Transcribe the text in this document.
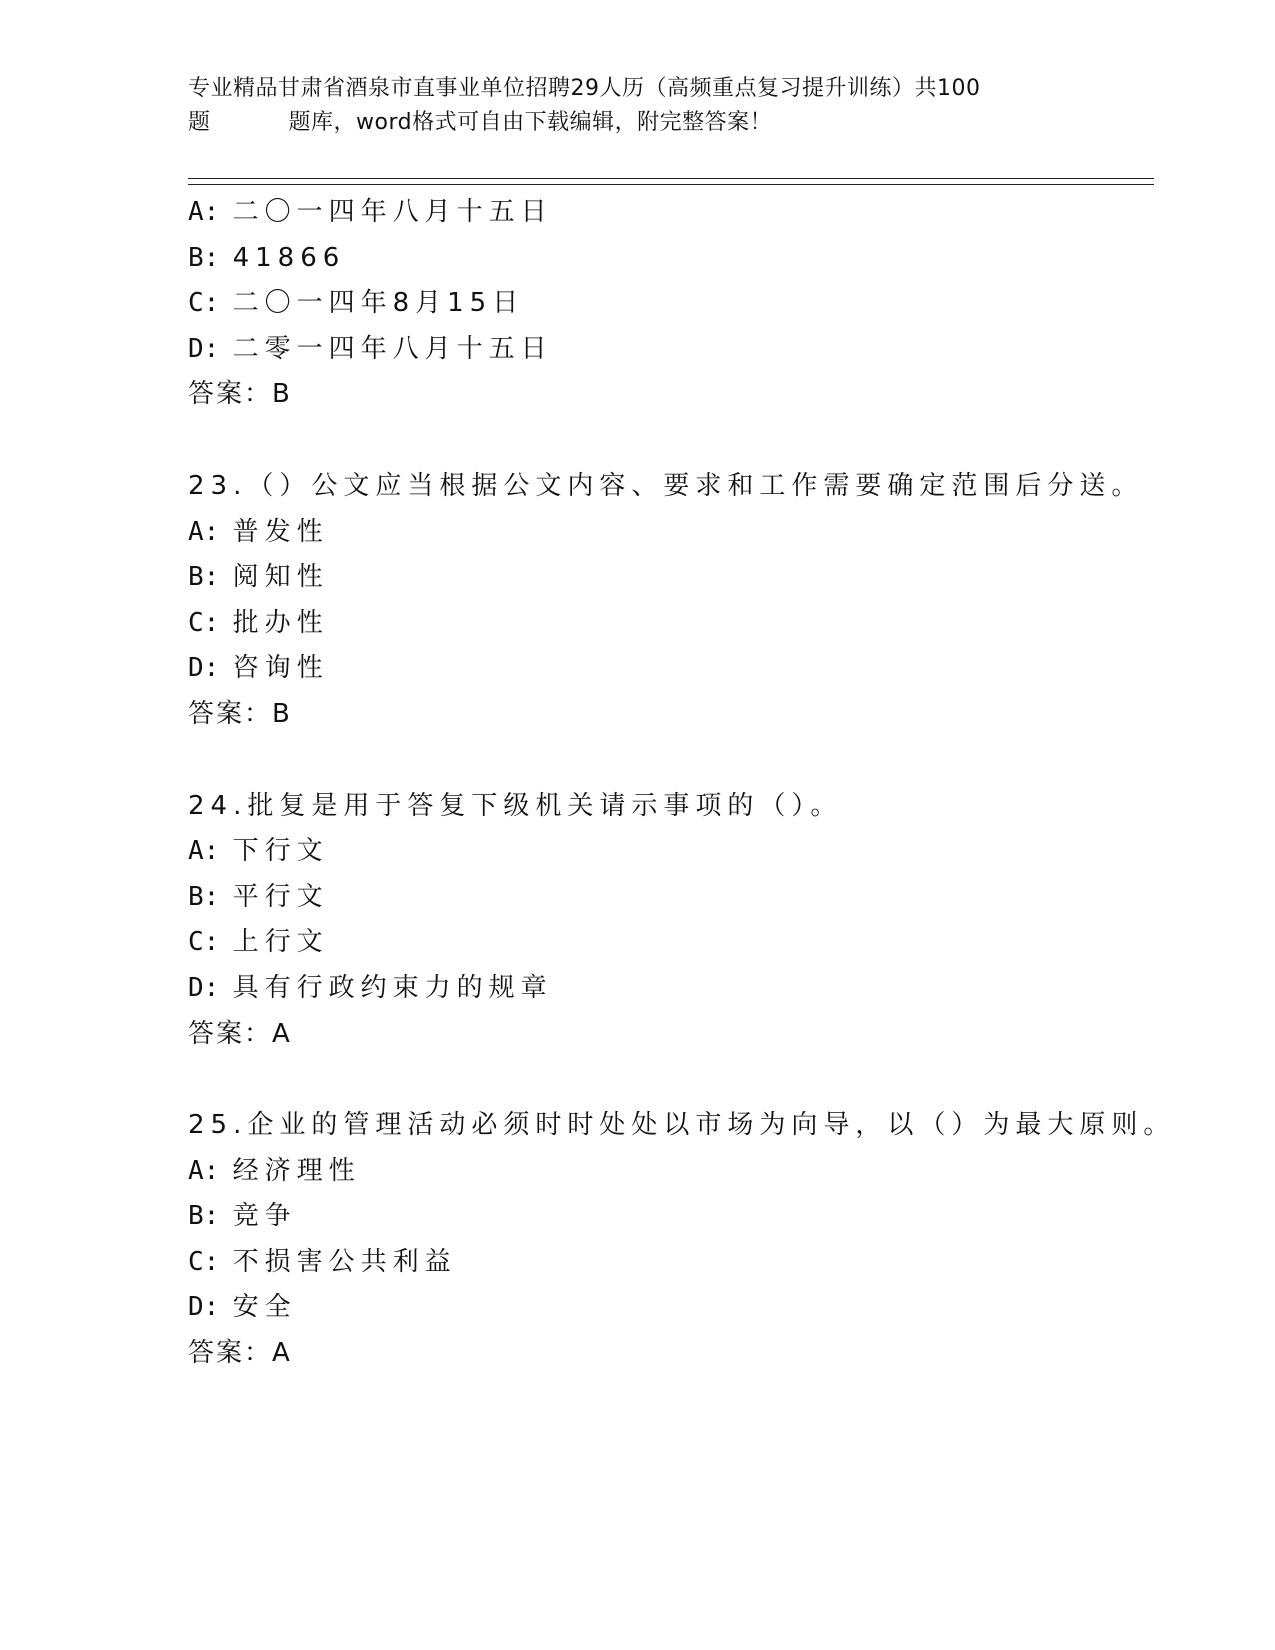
专业精品甘肃省酒泉市直事业单位招聘29人历（高频重点复习提升训练）共100
题	题库，word格式可自由下载编辑，附完整答案！
A: 二〇一四年八月十五日
B: 41866
C: 二〇一四年8月15日
D: 二零一四年八月十五日
答案：B
23.（）公文应当根据公文内容、要求和工作需要确定范围后分送。
A: 普发性
B: 阅知性
C: 批办性
D: 咨询性
答案：B
24.批复是用于答复下级机关请示事项的（）。
A: 下行文
B: 平行文
C: 上行文
D: 具有行政约束力的规章
答案：A
25.企业的管理活动必须时时处处以市场为向导，以（）为最大原则。
A: 经济理性
B: 竞争
C: 不损害公共利益
D: 安全
答案：A
